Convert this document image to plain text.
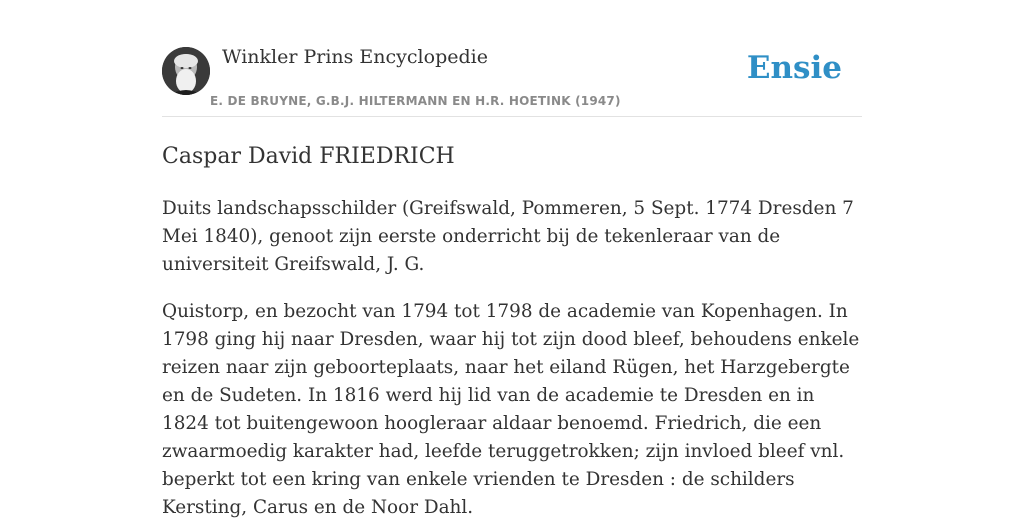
Winkler Prins Encyclopedie
E. DE BRUYNE, G.B.J. HILTERMANN EN H.R. HOETINK (1947)
Ensie
Caspar David FRIEDRICH

Duits landschapsschilder (Greifswald, Pommeren, 5 Sept. 1774 Dresden 7 Mei 1840), genoot zijn eerste onderricht bij de tekenleraar van de universiteit Greifswald, J. G.

Quistorp, en bezocht van 1794 tot 1798 de academie van Kopenhagen. In 1798 ging hij naar Dresden, waar hij tot zijn dood bleef, behoudens enkele reizen naar zijn geboorteplaats, naar het eiland Rügen, het Harzgebergte en de Sudeten. In 1816 werd hij lid van de academie te Dresden en in 1824 tot buitengewoon hoogleraar aldaar benoemd. Friedrich, die een zwaarmoedig karakter had, leefde teruggetrokken; zijn invloed bleef vnl. beperkt tot een kring van enkele vrienden te Dresden : de schilders Kersting, Carus en de Noor Dahl.
